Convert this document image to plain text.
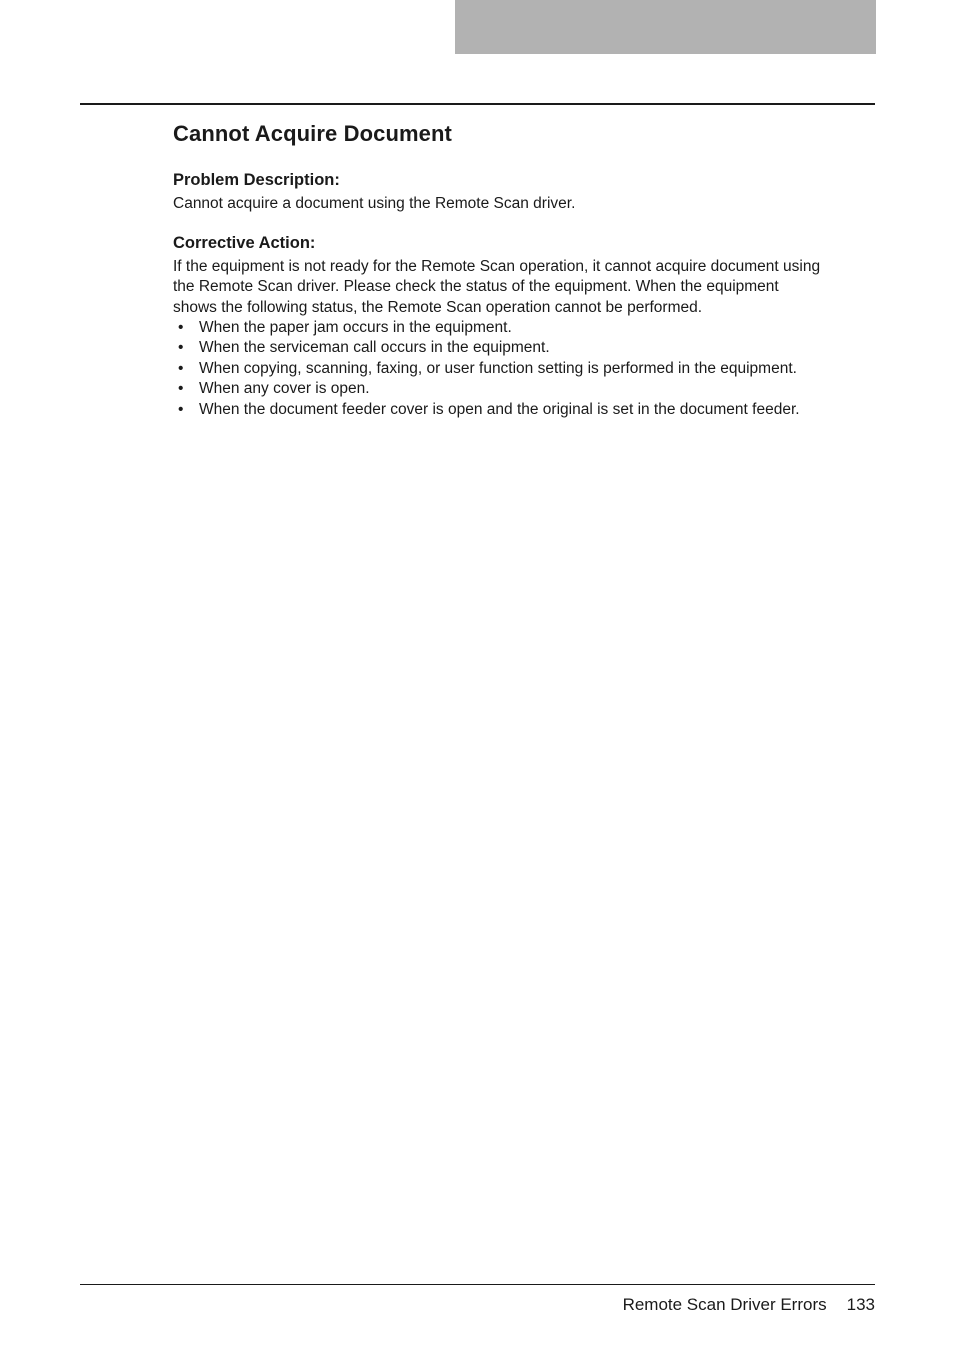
Cannot Acquire Document
Problem Description:

Cannot acquire a document using the Remote Scan driver.

Corrective Action:

If the equipment is not ready for the Remote Scan operation, it cannot acquire document using
the Remote Scan driver. Please check the status of the equipment. When the equipment
shows the following status, the Remote Scan operation cannot be performed.

• When the paper jam occurs in the equipment.
• When the serviceman call occurs in the equipment.
• When copying, scanning, faxing, or user function setting is performed in the equipment.
• When any cover is open.
• When the document feeder cover is open and the original is set in the document feeder.
Remote Scan Driver Errors 133
